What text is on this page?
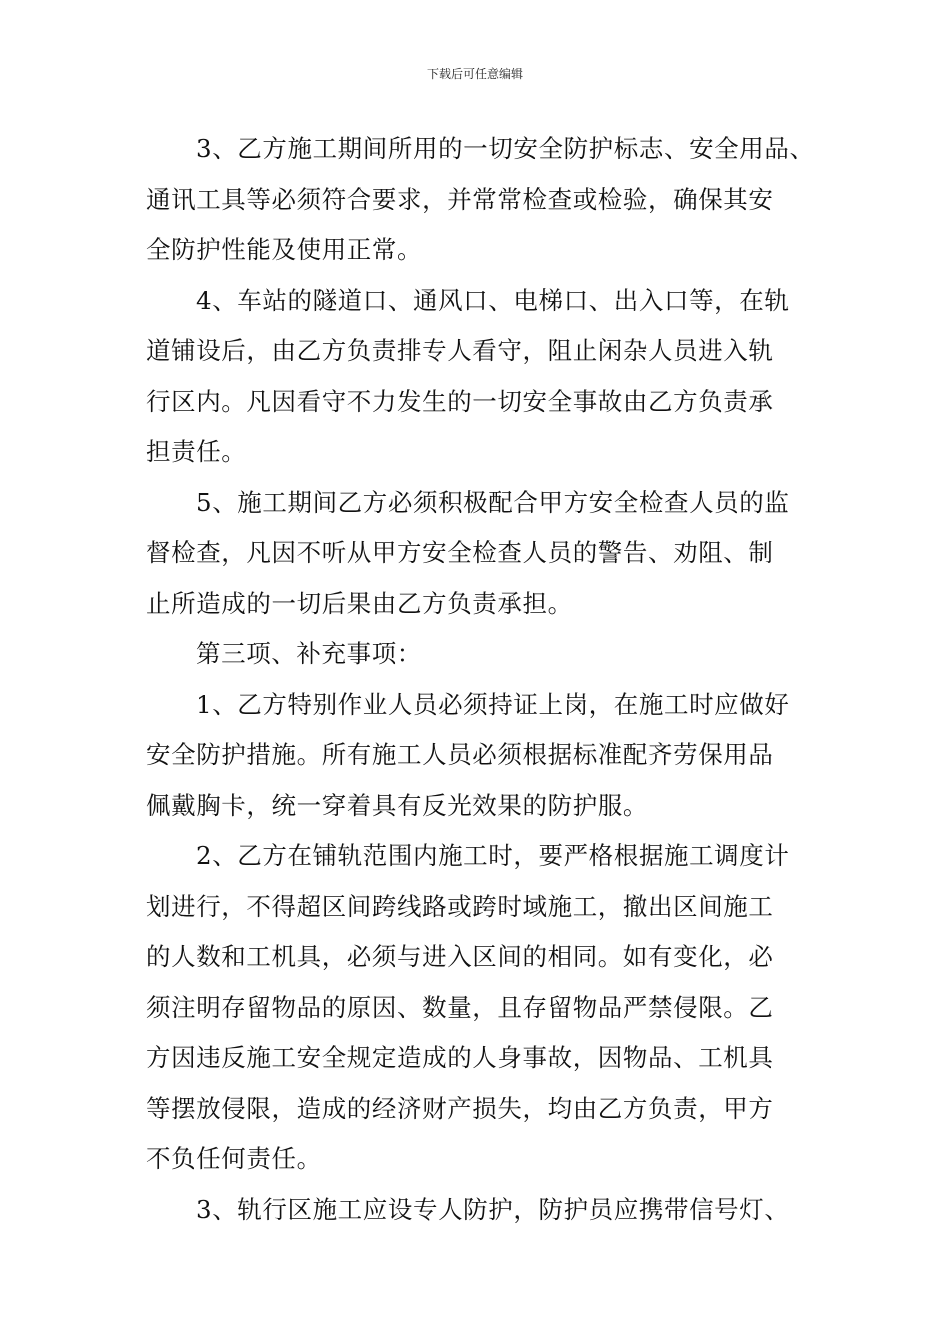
下载后可任意编辑

3、乙方施工期间所用的一切安全防护标志、安全用品、
通讯工具等必须符合要求，并常常检查或检验，确保其安
全防护性能及使用正常。

4、车站的隧道口、通风口、电梯口、出入口等，在轨
道铺设后，由乙方负责排专人看守，阻止闲杂人员进入轨
行区内。凡因看守不力发生的一切安全事故由乙方负责承
担责任。

5、施工期间乙方必须积极配合甲方安全检查人员的监
督检查，凡因不听从甲方安全检查人员的警告、劝阻、制
止所造成的一切后果由乙方负责承担。

第三项、补充事项：

1、乙方特别作业人员必须持证上岗，在施工时应做好
安全防护措施。所有施工人员必须根据标准配齐劳保用品
佩戴胸卡，统一穿着具有反光效果的防护服。

2、乙方在铺轨范围内施工时，要严格根据施工调度计
划进行，不得超区间跨线路或跨时域施工，撤出区间施工
的人数和工机具，必须与进入区间的相同。如有变化，必
须注明存留物品的原因、数量，且存留物品严禁侵限。乙
方因违反施工安全规定造成的人身事故，因物品、工机具
等摆放侵限，造成的经济财产损失，均由乙方负责，甲方
不负任何责任。

3、轨行区施工应设专人防护，防护员应携带信号灯、
